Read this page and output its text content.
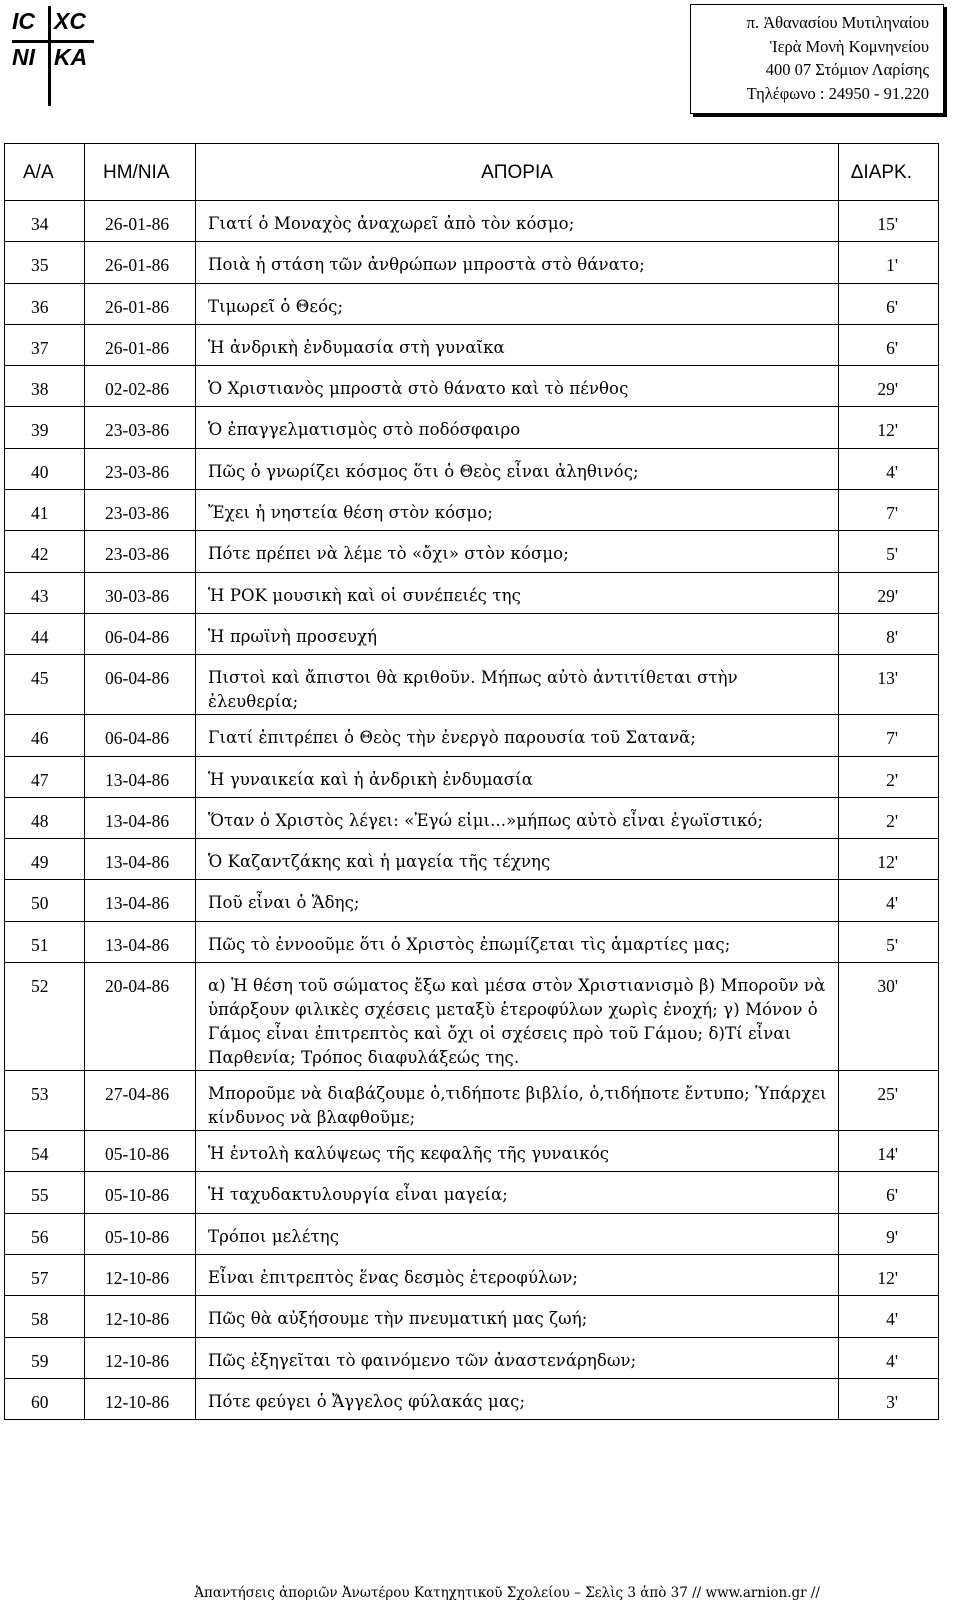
IC XC
NI KA
π. Ἀθανασίου Μυτιληναίου
Ἱερὰ Μονὴ Κομνηνείου
400 07 Στόμιον Λαρίσης
Τηλέφωνο : 24950 - 91.220
Α/Α	ΗΜ/ΝΙΑ	ΑΠΟΡΙΑ	ΔΙΑΡΚ.
34	26-01-86	Γιατί ὁ Μοναχὸς ἀναχωρεῖ ἀπὸ τὸν κόσμο;	15'
35	26-01-86	Ποιὰ ἡ στάση τῶν ἀνθρώπων μπροστὰ στὸ θάνατο;	1'
36	26-01-86	Τιμωρεῖ ὁ Θεός;	6'
37	26-01-86	Ἡ ἀνδρικὴ ἐνδυμασία στὴ γυναῖκα	6'
38	02-02-86	Ὁ Χριστιανὸς μπροστὰ στὸ θάνατο καὶ τὸ πένθος	29'
39	23-03-86	Ὁ ἐπαγγελματισμὸς στὸ ποδόσφαιρο	12'
40	23-03-86	Πῶς ὁ γνωρίζει κόσμος ὅτι ὁ Θεὸς εἶναι ἀληθινός;	4'
41	23-03-86	Ἔχει ἡ νηστεία θέση στὸν κόσμο;	7'
42	23-03-86	Πότε πρέπει νὰ λέμε τὸ «ὄχι» στὸν κόσμο;	5'
43	30-03-86	Ἡ ΡΟΚ μουσικὴ καὶ οἱ συνέπειές της	29'
44	06-04-86	Ἡ πρωϊνὴ προσευχή	8'
45	06-04-86	Πιστοὶ καὶ ἄπιστοι θὰ κριθοῦν. Μήπως αὐτὸ ἀντιτίθεται στὴν ἐλευθερία;	13'
46	06-04-86	Γιατί ἐπιτρέπει ὁ Θεὸς τὴν ἐνεργὸ παρουσία τοῦ Σατανᾶ;	7'
47	13-04-86	Ἡ γυναικεία καὶ ἡ ἀνδρικὴ ἐνδυμασία	2'
48	13-04-86	Ὅταν ὁ Χριστὸς λέγει: «Ἐγώ εἰμι...»μήπως αὐτὸ εἶναι ἐγωϊστικό;	2'
49	13-04-86	Ὁ Καζαντζάκης καὶ ἡ μαγεία τῆς τέχνης	12'
50	13-04-86	Ποῦ εἶναι ὁ Ἅδης;	4'
51	13-04-86	Πῶς τὸ ἐννοοῦμε ὅτι ὁ Χριστὸς ἐπωμίζεται τὶς ἁμαρτίες μας;	5'
52	20-04-86	α) Ἡ θέση τοῦ σώματος ἔξω καὶ μέσα στὸν Χριστιανισμὸ β) Μποροῦν νὰ ὑπάρξουν φιλικὲς σχέσεις μεταξὺ ἑτεροφύλων χωρὶς ἐνοχή; γ) Μόνον ὁ Γάμος εἶναι ἐπιτρεπτὸς καὶ ὄχι οἱ σχέσεις πρὸ τοῦ Γάμου; δ)Τί εἶναι Παρθενία; Τρόπος διαφυλάξεώς της.	30'
53	27-04-86	Μποροῦμε νὰ διαβάζουμε ὁ,τιδήποτε βιβλίο, ὁ,τιδήποτε ἔντυπο; Ὑπάρχει κίνδυνος νὰ βλαφθοῦμε;	25'
54	05-10-86	Ἡ ἐντολὴ καλύψεως τῆς κεφαλῆς τῆς γυναικός	14'
55	05-10-86	Ἡ ταχυδακτυλουργία εἶναι μαγεία;	6'
56	05-10-86	Τρόποι μελέτης	9'
57	12-10-86	Εἶναι ἐπιτρεπτὸς ἕνας δεσμὸς ἑτεροφύλων;	12'
58	12-10-86	Πῶς θὰ αὐξήσουμε τὴν πνευματική μας ζωή;	4'
59	12-10-86	Πῶς ἐξηγεῖται τὸ φαινόμενο τῶν ἀναστενάρηδων;	4'
60	12-10-86	Πότε φεύγει ὁ Ἄγγελος φύλακάς μας;	3'
Ἀπαντήσεις ἀποριῶν Ἀνωτέρου Κατηχητικοῦ Σχολείου – Σελὶς 3 ἀπὸ 37 // www.arnion.gr //
